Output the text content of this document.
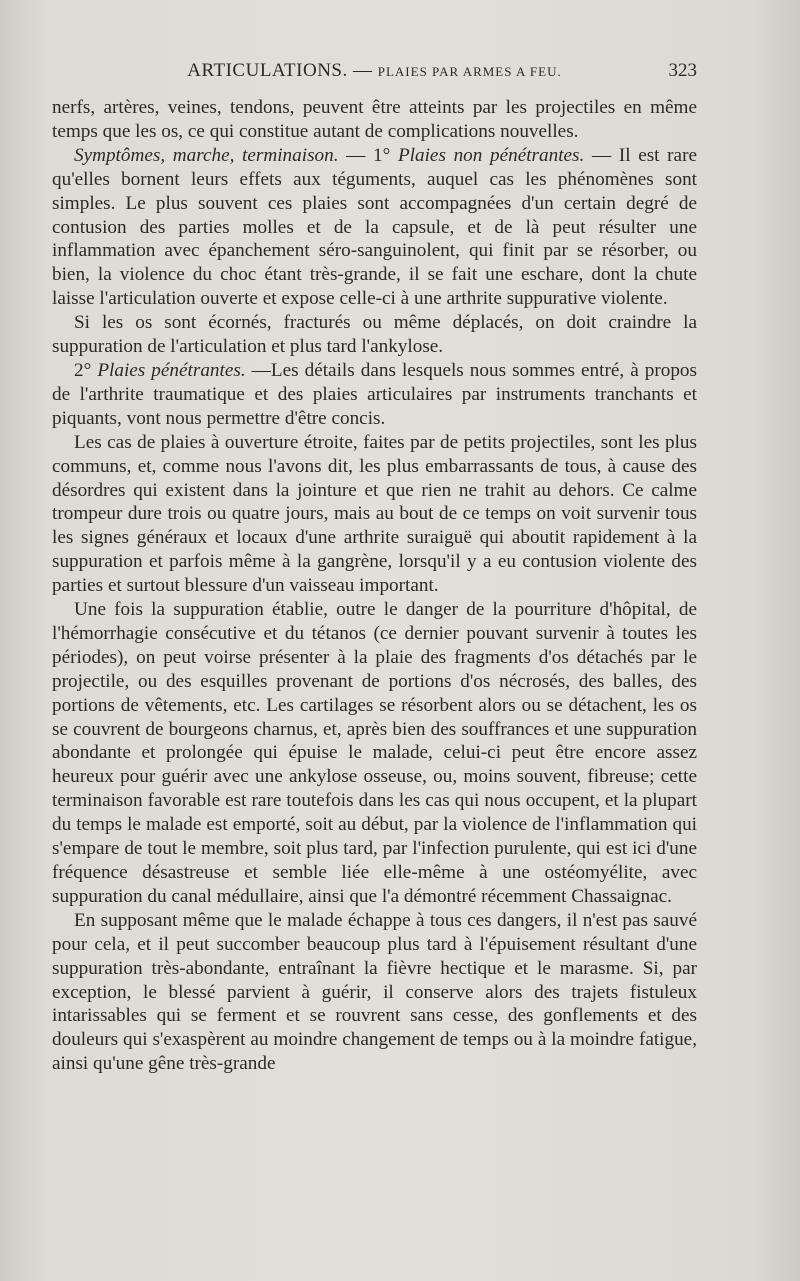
ARTICULATIONS. — PLAIES PAR ARMES A FEU.	323

nerfs, artères, veines, tendons, peuvent être atteints par les projectiles en même temps que les os, ce qui constitue autant de complications nouvelles.

Symptômes, marche, terminaison. — 1° Plaies non pénétrantes. — Il est rare qu'elles bornent leurs effets aux téguments, auquel cas les phénomènes sont simples. Le plus souvent ces plaies sont accompagnées d'un certain degré de contusion des parties molles et de la capsule, et de là peut résulter une inflammation avec épanchement séro-sanguinolent, qui finit par se résorber, ou bien, la violence du choc étant très-grande, il se fait une eschare, dont la chute laisse l'articulation ouverte et expose celle-ci à une arthrite suppurative violente.

Si les os sont écornés, fracturés ou même déplacés, on doit craindre la suppuration de l'articulation et plus tard l'ankylose.

2° Plaies pénétrantes. —Les détails dans lesquels nous sommes entré, à propos de l'arthrite traumatique et des plaies articulaires par instruments tranchants et piquants, vont nous permettre d'être concis.

Les cas de plaies à ouverture étroite, faites par de petits projectiles, sont les plus communs, et, comme nous l'avons dit, les plus embarrassants de tous, à cause des désordres qui existent dans la jointure et que rien ne trahit au dehors. Ce calme trompeur dure trois ou quatre jours, mais au bout de ce temps on voit survenir tous les signes généraux et locaux d'une arthrite suraiguë qui aboutit rapidement à la suppuration et parfois même à la gangrène, lorsqu'il y a eu contusion violente des parties et surtout blessure d'un vaisseau important.

Une fois la suppuration établie, outre le danger de la pourriture d'hôpital, de l'hémorrhagie consécutive et du tétanos (ce dernier pouvant survenir à toutes les périodes), on peut voirse présenter à la plaie des fragments d'os détachés par le projectile, ou des esquilles provenant de portions d'os nécrosés, des balles, des portions de vêtements, etc. Les cartilages se résorbent alors ou se détachent, les os se couvrent de bourgeons charnus, et, après bien des souffrances et une suppuration abondante et prolongée qui épuise le malade, celui-ci peut être encore assez heureux pour guérir avec une ankylose osseuse, ou, moins souvent, fibreuse; cette terminaison favorable est rare toutefois dans les cas qui nous occupent, et la plupart du temps le malade est emporté, soit au début, par la violence de l'inflammation qui s'empare de tout le membre, soit plus tard, par l'infection purulente, qui est ici d'une fréquence désastreuse et semble liée elle-même à une ostéomyélite, avec suppuration du canal médullaire, ainsi que l'a démontré récemment Chassaignac.

En supposant même que le malade échappe à tous ces dangers, il n'est pas sauvé pour cela, et il peut succomber beaucoup plus tard à l'épuisement résultant d'une suppuration très-abondante, entraînant la fièvre hectique et le marasme. Si, par exception, le blessé parvient à guérir, il conserve alors des trajets fistuleux intarissables qui se ferment et se rouvrent sans cesse, des gonflements et des douleurs qui s'exaspèrent au moindre changement de temps ou à la moindre fatigue, ainsi qu'une gêne très-grande
